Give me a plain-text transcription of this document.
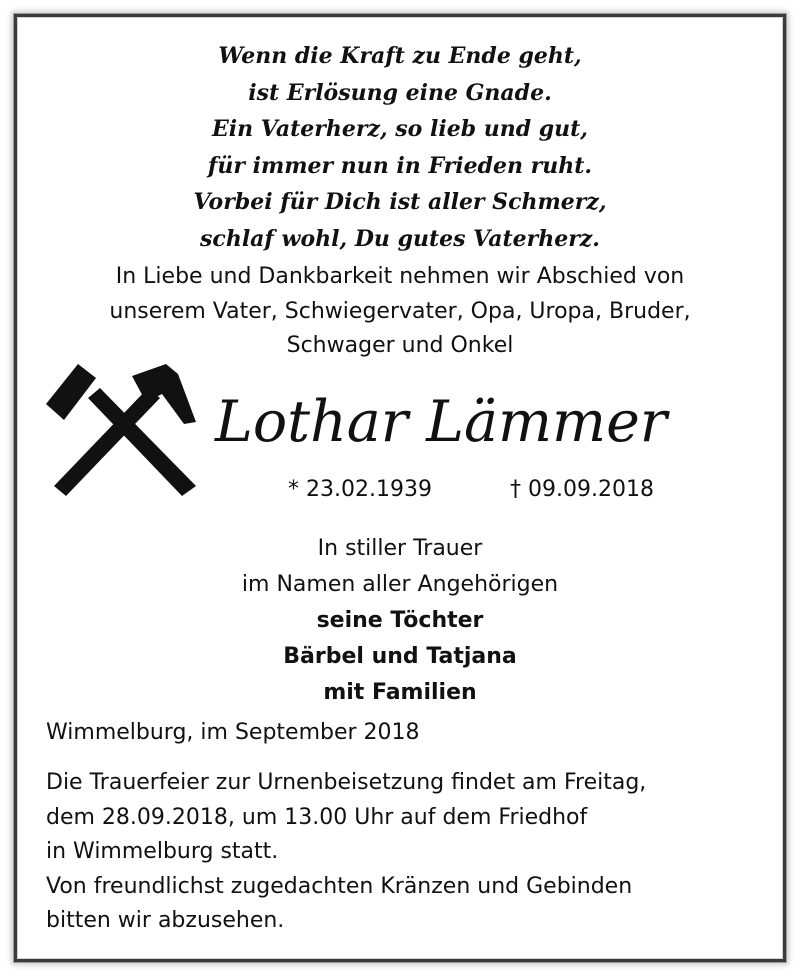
Wenn die Kraft zu Ende geht,
ist Erlösung eine Gnade.
Ein Vaterherz, so lieb und gut,
für immer nun in Frieden ruht.
Vorbei für Dich ist aller Schmerz,
schlaf wohl, Du gutes Vaterherz.
In Liebe und Dankbarkeit nehmen wir Abschied von
unserem Vater, Schwiegervater, Opa, Uropa, Bruder,
Schwager und Onkel
Lothar Lämmer
* 23.02.1939	† 09.09.2018
In stiller Trauer
im Namen aller Angehörigen
seine Töchter
Bärbel und Tatjana
mit Familien
Wimmelburg, im September 2018
Die Trauerfeier zur Urnenbeisetzung findet am Freitag,
dem 28.09.2018, um 13.00 Uhr auf dem Friedhof
in Wimmelburg statt.
Von freundlichst zugedachten Kränzen und Gebinden
bitten wir abzusehen.
